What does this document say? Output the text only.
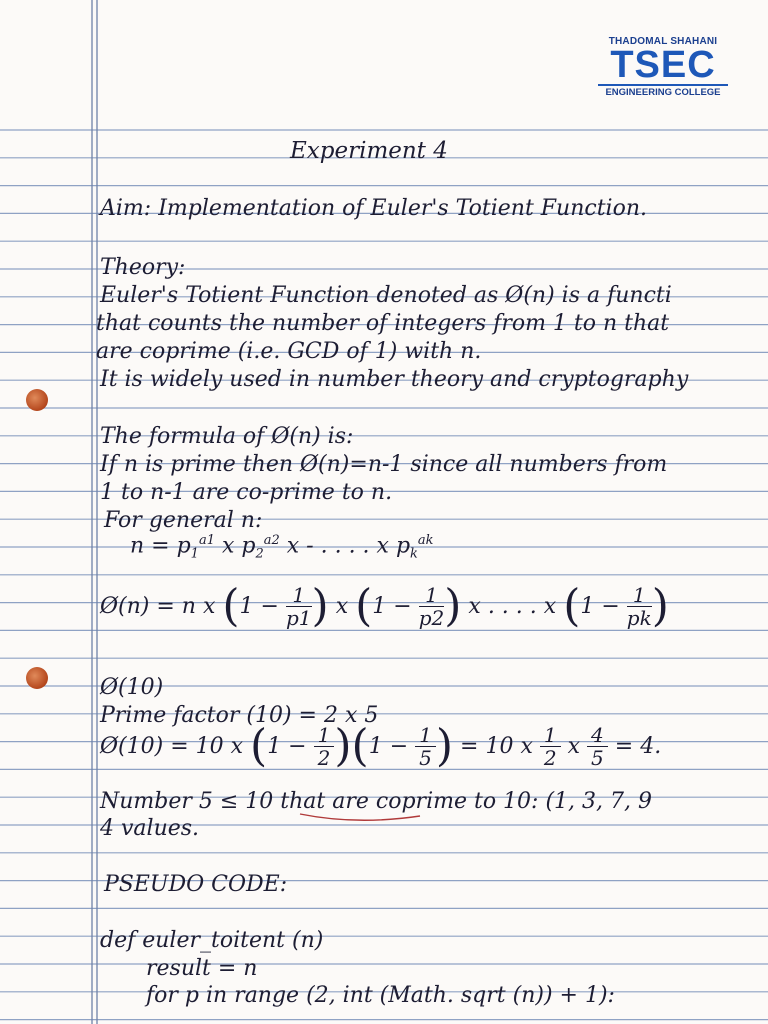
THADOMAL SHAHANI
TSEC
ENGINEERING COLLEGE
Experiment 4
Aim: Implementation of Euler's Totient Function.
Theory:
Euler's Totient Function denoted as Ø(n) is a functi
that counts the number of integers from 1 to n that
are coprime (i.e. GCD of 1) with n.
It is widely used in number theory and cryptography
The formula of Ø(n) is:
If n is prime then Ø(n)=n-1 since all numbers from
1 to n-1 are co-prime to n.
For general n:
$n = p_1^{a1}$ x $p_2^{a2}$ x - . . . . x $p_k^{ak}$
Ø(n) = n x ($1 - \frac{1}{p1}$ ) x ($1 - \frac{1}{p2}$ ) x . . . . x ($1 - \frac{1}{pk}$ )
Ø(10)
Prime factor (10) = 2 x 5
Ø(10) = 10 x $(1 - \frac{1}{2} )(1 - \frac{1}{5}$ ) = 10 x $\frac{1}{2}$ x $\frac{4}{5} = 4$.
Number 5 ≤ 10 that are coprime to 10: (1, 3, 7, 9
4 values.
PSEUDO CODE:
def euler_toitent (n)
result = n
for p in range (2, int (Math. sqrt (n)) + 1):
